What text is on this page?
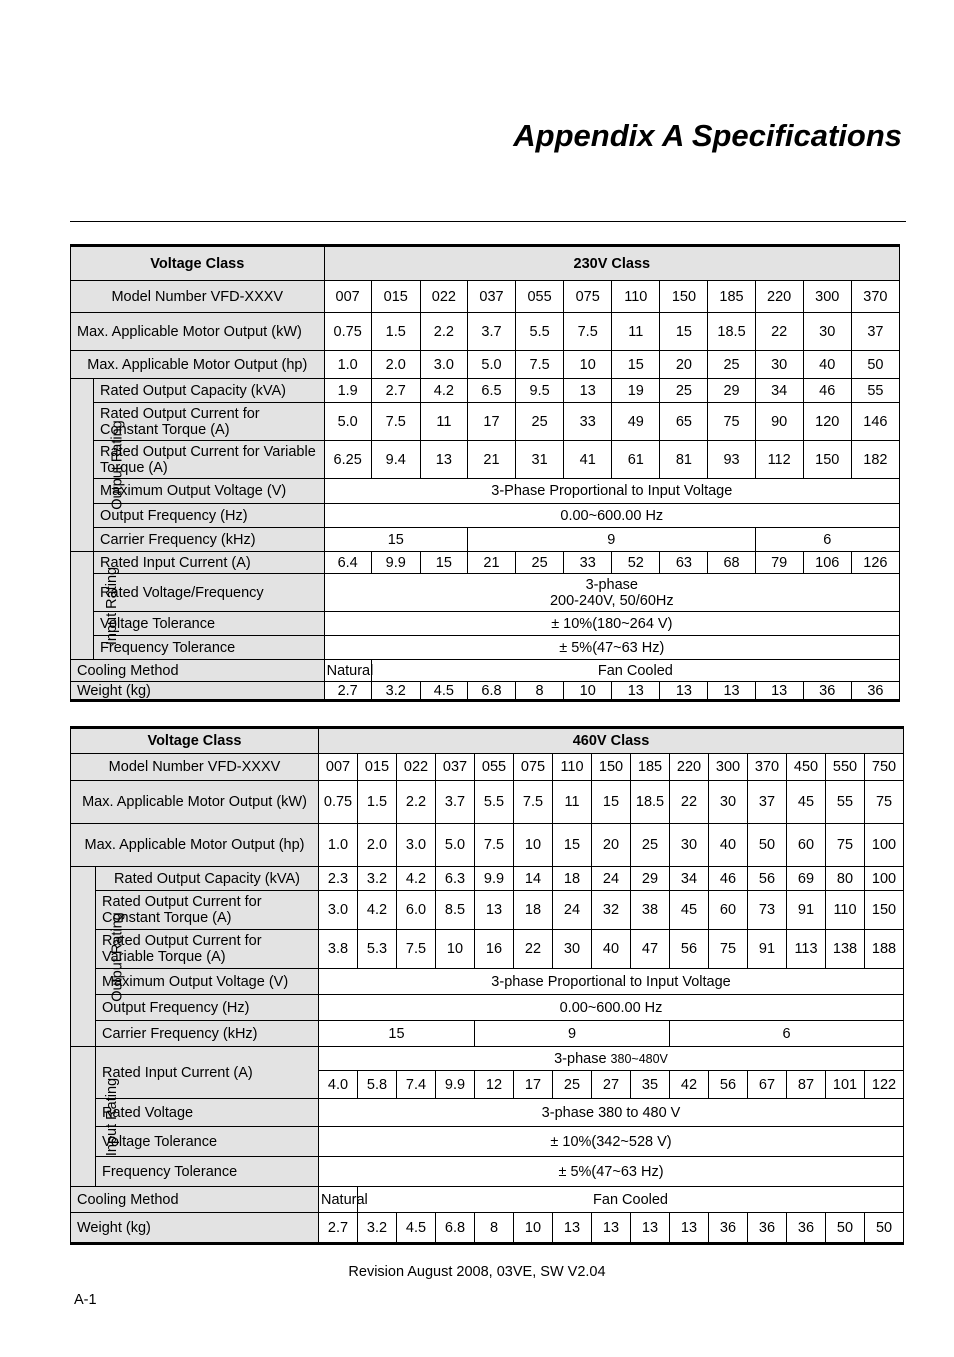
Appendix A Specifications
Voltage Class		230V Class											
Model Number VFD-XXXV		007	015	022	037	055	075	110	150	185	220	300	370
Max. Applicable Motor Output (kW)		0.75	1.5	2.2	3.7	5.5	7.5	11	15	18.5	22	30	37
Max. Applicable Motor Output (hp)		1.0	2.0	3.0	5.0	7.5	10	15	20	25	30	40	50
Output Rating	Rated Output Capacity (kVA)	1.9	2.7	4.2	6.5	9.5	13	19	25	29	34	46	55
	Rated Output Current for Constant Torque (A)	5.0	7.5	11	17	25	33	49	65	75	90	120	146
	Rated Output Current for Variable Torque (A)	6.25	9.4	13	21	31	41	61	81	93	112	150	182
	Maximum Output Voltage (V)	3-Phase Proportional to Input Voltage											
	Output Frequency (Hz)	0.00~600.00 Hz											
	Carrier Frequency (kHz)	15			9						6		
Input Rating	Rated Input Current (A)	6.4	9.9	15	21	25	33	52	63	68	79	106	126
	Rated Voltage/Frequency	3-phase
200-240V, 50/60Hz											
	Voltage Tolerance	± 10%(180~264 V)											
	Frequency Tolerance	± 5%(47~63 Hz)											
Cooling Method		Natural	Fan Cooled										
Weight (kg)		2.7	3.2	4.5	6.8	8	10	13	13	13	13	36	36
Voltage Class		460V Class														
Model Number VFD-XXXV		007	015	022	037	055	075	110	150	185	220	300	370	450	550	750
Max. Applicable Motor Output (kW)		0.75	1.5	2.2	3.7	5.5	7.5	11	15	18.5	22	30	37	45	55	75
Max. Applicable Motor Output (hp)		1.0	2.0	3.0	5.0	7.5	10	15	20	25	30	40	50	60	75	100
Output Rating	Rated Output Capacity (kVA)	2.3	3.2	4.2	6.3	9.9	14	18	24	29	34	46	56	69	80	100
	Rated Output Current for Constant Torque (A)	3.0	4.2	6.0	8.5	13	18	24	32	38	45	60	73	91	110	150
	Rated Output Current for Variable Torque (A)	3.8	5.3	7.5	10	16	22	30	40	47	56	75	91	113	138	188
	Maximum Output Voltage (V)	3-phase Proportional to Input Voltage														
	Output Frequency (Hz)	0.00~600.00 Hz														
	Carrier Frequency (kHz)	15				9					6					
Input Rating	Rated Input Current (A)	3-phase 380~480V														
		4.0	5.8	7.4	9.9	12	17	25	27	35	42	56	67	87	101	122
	Rated Voltage	3-phase 380 to 480 V														
	Voltage Tolerance	± 10%(342~528 V)														
	Frequency Tolerance	± 5%(47~63 Hz)														

Cooling Method		Natural	Fan Cooled													
Weight (kg)		2.7	3.2	4.5	6.8	8	10	13	13	13	13	36	36	36	50	50
Revision August 2008, 03VE, SW V2.04
A-1
